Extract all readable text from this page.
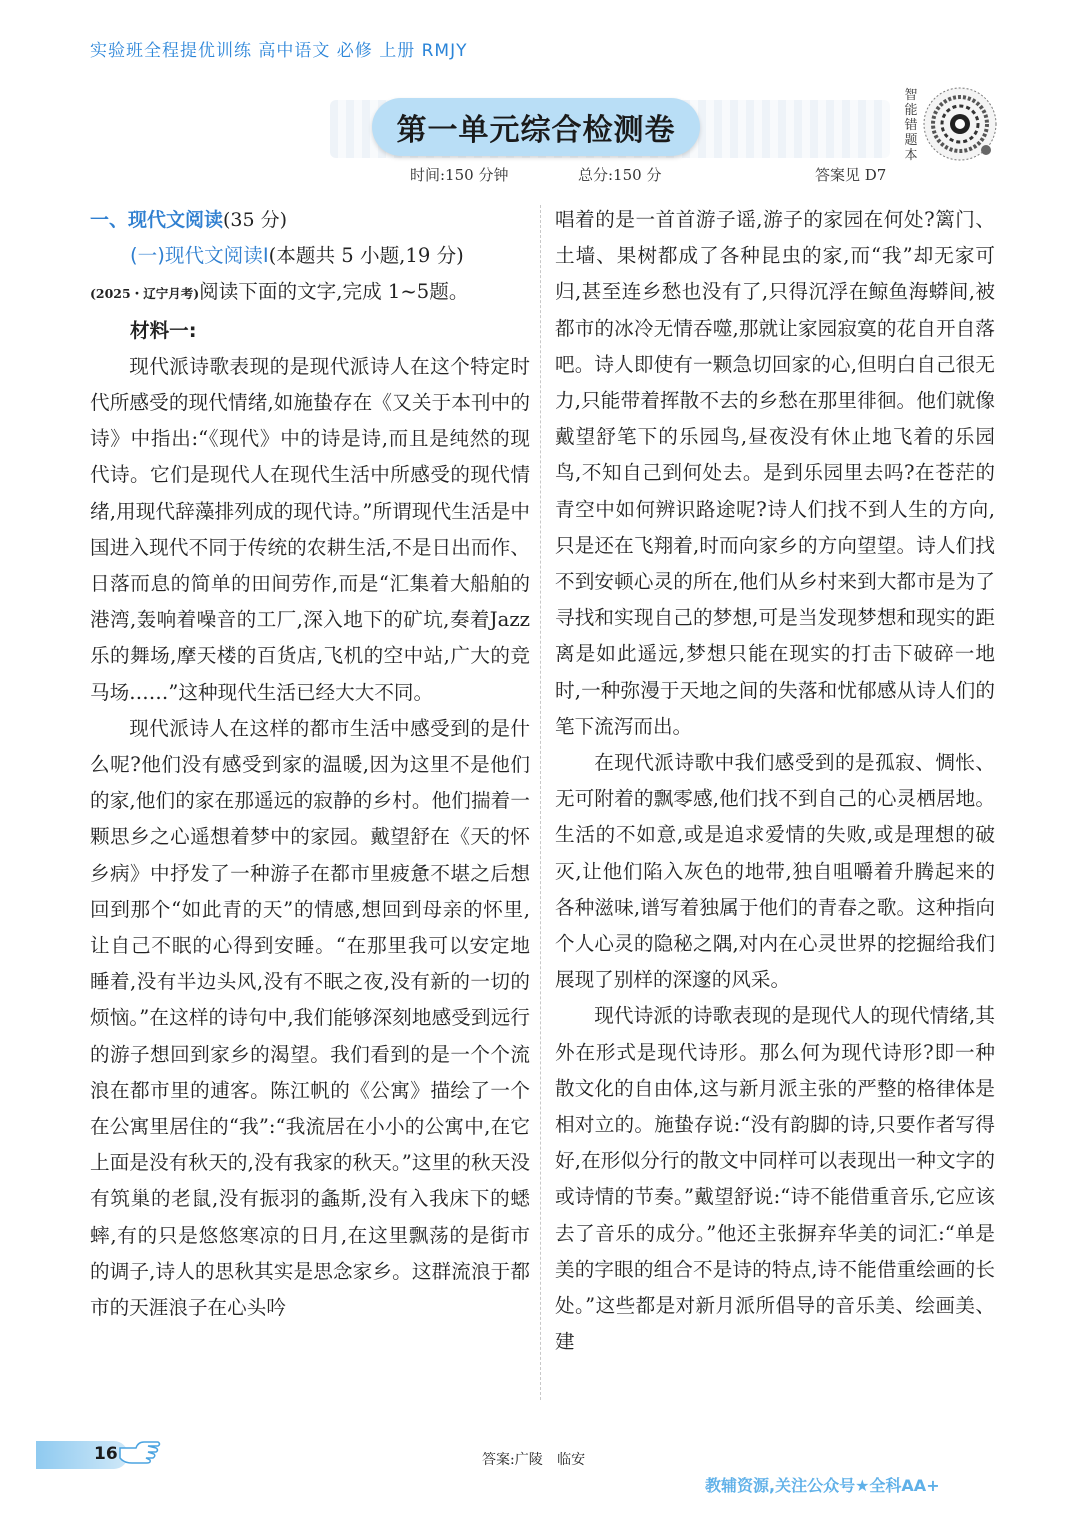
实验班全程提优训练 高中语文 必修 上册 RMJY
第一单元综合检测卷
时间:150 分钟	总分:150 分	答案见 D7
智能错题本

一、现代文阅读(35 分)

(一)现代文阅读Ⅰ(本题共 5 小题,19 分)

(2025・辽宁月考)阅读下面的文字,完成 1~5题。

材料一:

现代派诗歌表现的是现代派诗人在这个特定时代所感受的现代情绪,如施蛰存在《又关于本刊中的诗》中指出:“《现代》中的诗是诗,而且是纯然的现代诗。它们是现代人在现代生活中所感受的现代情绪,用现代辞藻排列成的现代诗。”所谓现代生活是中国进入现代不同于传统的农耕生活,不是日出而作、日落而息的简单的田间劳作,而是“汇集着大船舶的港湾,轰响着噪音的工厂,深入地下的矿坑,奏着Jazz乐的舞场,摩天楼的百货店,飞机的空中站,广大的竞马场……”这种现代生活已经大大不同。

现代派诗人在这样的都市生活中感受到的是什么呢?他们没有感受到家的温暖,因为这里不是他们的家,他们的家在那遥远的寂静的乡村。他们揣着一颗思乡之心遥想着梦中的家园。戴望舒在《天的怀乡病》中抒发了一种游子在都市里疲惫不堪之后想回到那个“如此青的天”的情感,想回到母亲的怀里,让自己不眠的心得到安睡。“在那里我可以安定地睡着,没有半边头风,没有不眠之夜,没有新的一切的烦恼。”在这样的诗句中,我们能够深刻地感受到远行的游子想回到家乡的渴望。我们看到的是一个个流浪在都市里的逋客。陈江帆的《公寓》描绘了一个在公寓里居住的“我”:“我流居在小小的公寓中,在它上面是没有秋天的,没有我家的秋天。”这里的秋天没有筑巢的老鼠,没有振羽的螽斯,没有入我床下的蟋蟀,有的只是悠悠寒凉的日月,在这里飘荡的是街市的调子,诗人的思秋其实是思念家乡。这群流浪于都市的天涯浪子在心头吟

唱着的是一首首游子谣,游子的家园在何处?篱门、土墙、果树都成了各种昆虫的家,而“我”却无家可归,甚至连乡愁也没有了,只得沉浮在鲸鱼海蟒间,被都市的冰冷无情吞噬,那就让家园寂寞的花自开自落吧。诗人即使有一颗急切回家的心,但明白自己很无力,只能带着挥散不去的乡愁在那里徘徊。他们就像戴望舒笔下的乐园鸟,昼夜没有休止地飞着的乐园鸟,不知自己到何处去。是到乐园里去吗?在苍茫的青空中如何辨识路途呢?诗人们找不到人生的方向,只是还在飞翔着,时而向家乡的方向望望。诗人们找不到安顿心灵的所在,他们从乡村来到大都市是为了寻找和实现自己的梦想,可是当发现梦想和现实的距离是如此遥远,梦想只能在现实的打击下破碎一地时,一种弥漫于天地之间的失落和忧郁感从诗人们的笔下流泻而出。

在现代派诗歌中我们感受到的是孤寂、惆怅、无可附着的飘零感,他们找不到自己的心灵栖居地。生活的不如意,或是追求爱情的失败,或是理想的破灭,让他们陷入灰色的地带,独自咀嚼着升腾起来的各种滋味,谱写着独属于他们的青春之歌。这种指向个人心灵的隐秘之隅,对内在心灵世界的挖掘给我们展现了别样的深邃的风采。

现代诗派的诗歌表现的是现代人的现代情绪,其外在形式是现代诗形。那么何为现代诗形?即一种散文化的自由体,这与新月派主张的严整的格律体是相对立的。施蛰存说:“没有韵脚的诗,只要作者写得好,在形似分行的散文中同样可以表现出一种文字的或诗情的节奏。”戴望舒说:“诗不能借重音乐,它应该去了音乐的成分。”他还主张摒弃华美的词汇:“单是美的字眼的组合不是诗的特点,诗不能借重绘画的长处。”这些都是对新月派所倡导的音乐美、绘画美、建

16	答案:广陵 临安
教辅资源,关注公众号★全科AA+
